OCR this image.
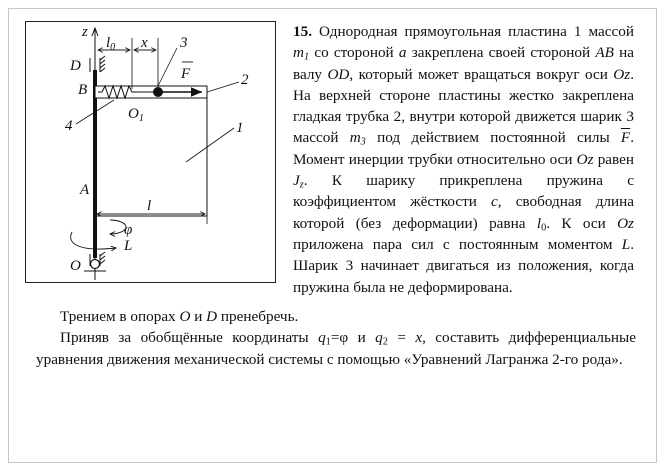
z
$l_0$ x 3
D	F	2
B
$O_1$
4	1
A
l
φ
L
O
15. Однородная прямоугольная пластина 1 массой $m_1$ со стороной a закреплена своей стороной AB на валу OD, который может вращаться вокруг оси Oz. На верхней стороне пластины жестко закреплена гладкая трубка 2, внутри которой движется шарик 3 массой $m_3$ под действием постоянной силы $\overline{F}$. Момент инерции трубки относительно оси Oz равен $J_z$. К шарику прикреплена пружина с коэффициентом жёсткости c, свободная длина которой (без деформации) равна $l_0$. К оси Oz приложена пара сил с постоянным моментом L. Шарик 3 начинает двигаться из положения, когда пружина была не деформирована.
Трением в опорах O и D пренебречь.
Приняв за обобщённые координаты $q_1=\varphi$ и $q_2 = x$, составить дифференциальные уравнения движения механической системы с помощью «Уравнений Лагранжа 2-го рода».
